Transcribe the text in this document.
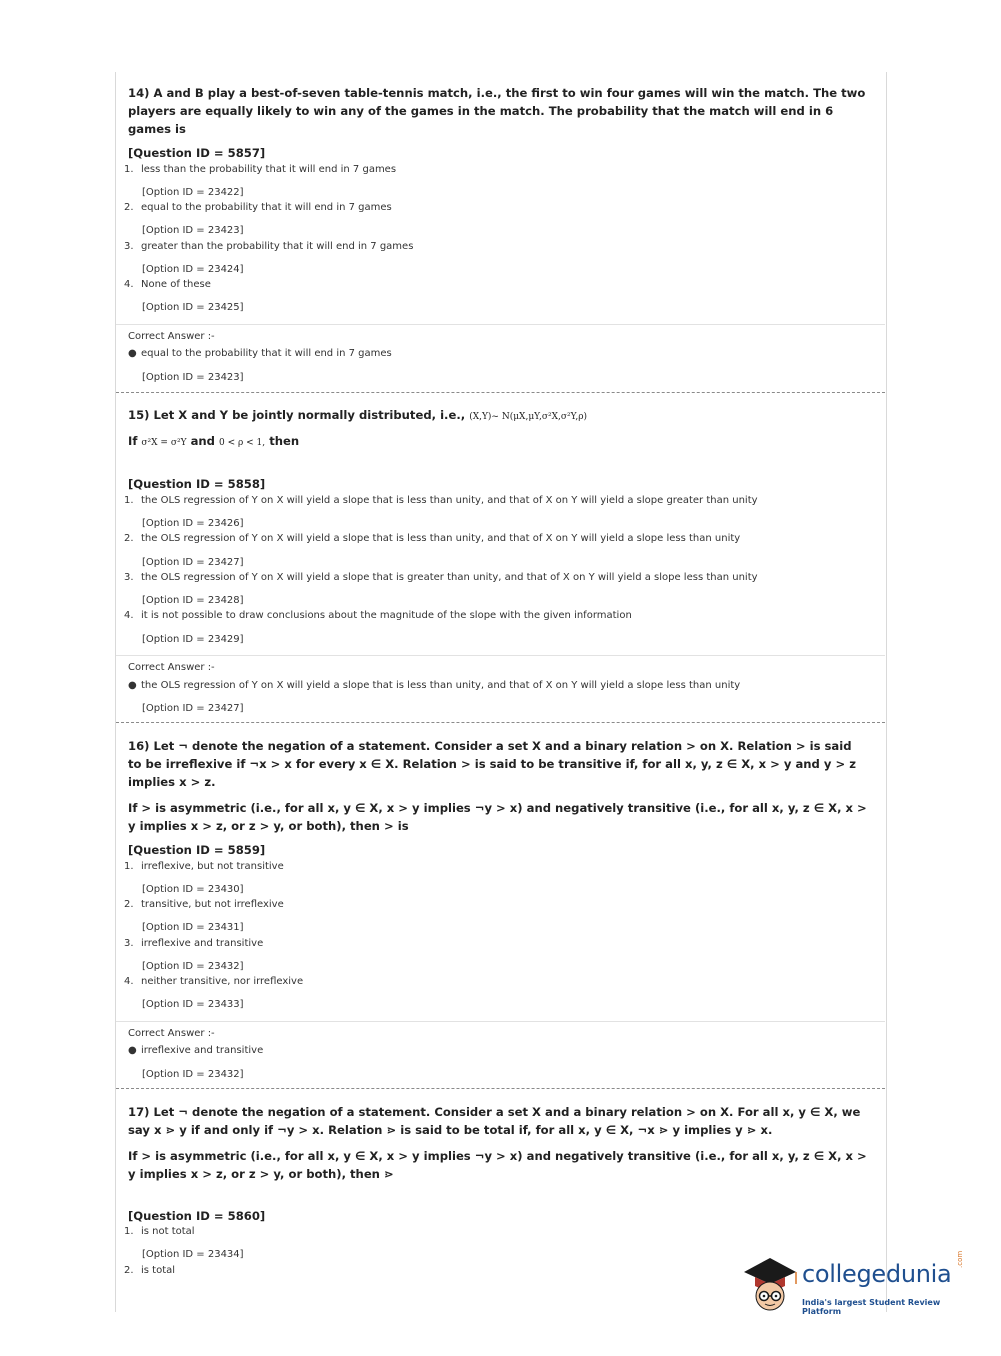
14) A and B play a best-of-seven table-tennis match, i.e., the first to win four games will win the match. The two players are equally likely to win any of the games in the match. The probability that the match will end in 6 games is

[Question ID = 5857]
1. less than the probability that it will end in 7 games
[Option ID = 23422]
2. equal to the probability that it will end in 7 games
[Option ID = 23423]
3. greater than the probability that it will end in 7 games
[Option ID = 23424]
4. None of these
[Option ID = 23425]
Correct Answer :-
● equal to the probability that it will end in 7 games
[Option ID = 23423]

15) Let X and Y be jointly normally distributed, i.e., (X,Y)~ N(μX,μY,σ²X,σ²Y,ρ)

If σ²X = σ²Y and 0 < ρ < 1, then

[Question ID = 5858]
1. the OLS regression of Y on X will yield a slope that is less than unity, and that of X on Y will yield a slope greater than unity
[Option ID = 23426]
2. the OLS regression of Y on X will yield a slope that is less than unity, and that of X on Y will yield a slope less than unity
[Option ID = 23427]
3. the OLS regression of Y on X will yield a slope that is greater than unity, and that of X on Y will yield a slope less than unity
[Option ID = 23428]
4. it is not possible to draw conclusions about the magnitude of the slope with the given information
[Option ID = 23429]
Correct Answer :-
● the OLS regression of Y on X will yield a slope that is less than unity, and that of X on Y will yield a slope less than unity
[Option ID = 23427]

16) Let ¬ denote the negation of a statement. Consider a set X and a binary relation > on X. Relation > is said to be irreflexive if ¬x > x for every x ∈ X. Relation > is said to be transitive if, for all x, y, z ∈ X, x > y and y > z implies x > z.

If > is asymmetric (i.e., for all x, y ∈ X, x > y implies ¬y > x) and negatively transitive (i.e., for all x, y, z ∈ X, x > y implies x > z, or z > y, or both), then > is

[Question ID = 5859]
1. irreflexive, but not transitive
[Option ID = 23430]
2. transitive, but not irreflexive
[Option ID = 23431]
3. irreflexive and transitive
[Option ID = 23432]
4. neither transitive, nor irreflexive
[Option ID = 23433]
Correct Answer :-
● irreflexive and transitive
[Option ID = 23432]

17) Let ¬ denote the negation of a statement. Consider a set X and a binary relation > on X. For all x, y ∈ X, we say x ⋗ y if and only if ¬y > x. Relation ⋗ is said to be total if, for all x, y ∈ X, ¬x ⋗ y implies y ⋗ x.

If > is asymmetric (i.e., for all x, y ∈ X, x > y implies ¬y > x) and negatively transitive (i.e., for all x, y, z ∈ X, x > y implies x > z, or z > y, or both), then ⋗

[Question ID = 5860]
1. is not total
[Option ID = 23434]
2. is total	collegedunia
.com
India's largest Student Review Platform
